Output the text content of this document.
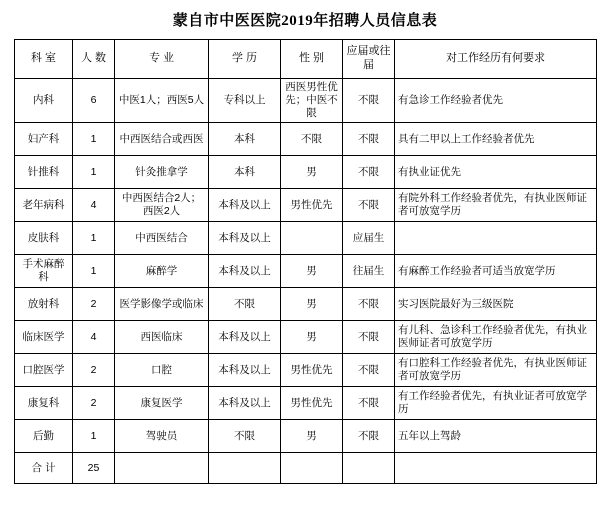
蒙自市中医医院2019年招聘人员信息表
科 室	人 数	专 业	学 历	性 别	应届或往届	对工作经历有何要求
内科	6	中医1人；西医5人	专科以上	西医男性优先；中医不限	不限	有急诊工作经验者优先
妇产科	1	中西医结合或西医	本科	不限	不限	具有二甲以上工作经验者优先
针推科	1	针灸推拿学	本科	男	不限	有执业证优先
老年病科	4	中西医结合2人；西医2人	本科及以上	男性优先	不限	有院外科工作经验者优先，有执业医师证者可放宽学历
皮肤科	1	中西医结合	本科及以上		应届生	
手术麻醉科	1	麻醉学	本科及以上	男	往届生	有麻醉工作经验者可适当放宽学历
放射科	2	医学影像学或临床	不限	男	不限	实习医院最好为三级医院
临床医学	4	西医临床	本科及以上	男	不限	有儿科、急诊科工作经验者优先，有执业医师证者可放宽学历
口腔医学	2	口腔	本科及以上	男性优先	不限	有口腔科工作经验者优先，有执业医师证者可放宽学历
康复科	2	康复医学	本科及以上	男性优先	不限	有工作经验者优先，有执业证者可放宽学历
后勤	1	驾驶员	不限	男	不限	五年以上驾龄
合 计	25					
